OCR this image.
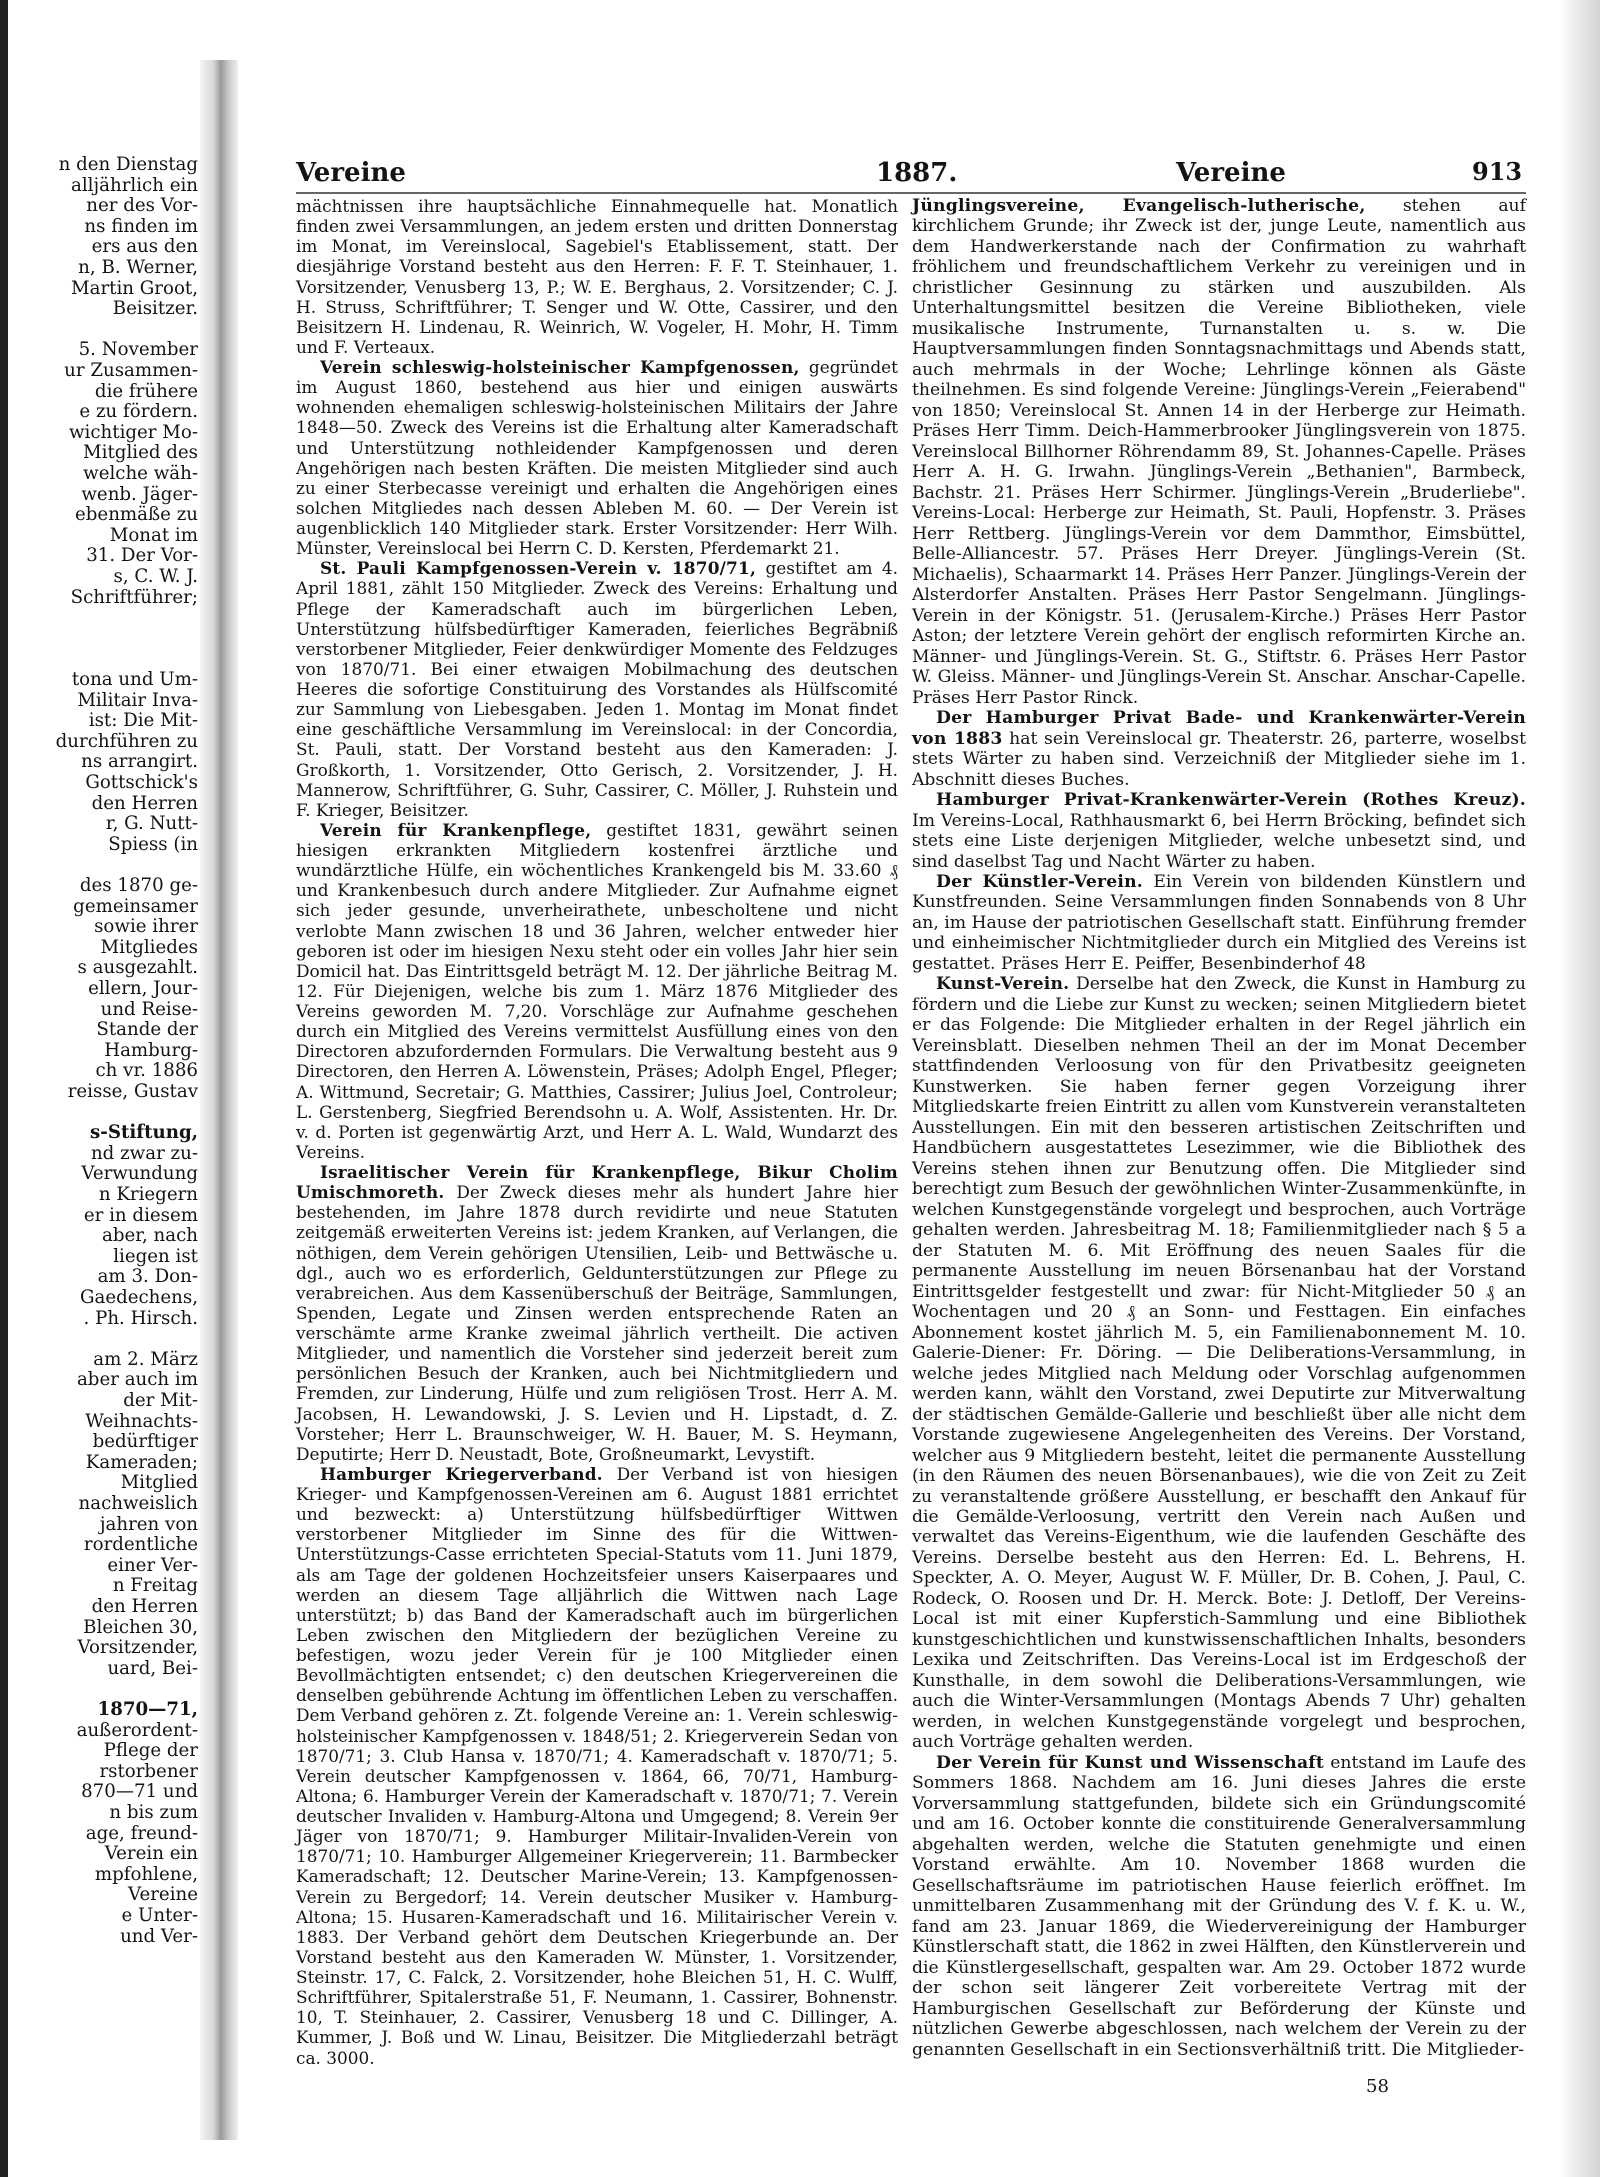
n den Dienstag
alljährlich ein
ner des Vor-
ns finden im
ers aus den
n, B. Werner,
Martin Groot,
Beisitzer.
5. November
ur Zusammen-
die frühere
e zu fördern.
wichtiger Mo-
Mitglied des
welche wäh-
wenb. Jäger-
ebenmäße zu
Monat im
31. Der Vor-
s, C. W. J.
Schriftführer;
tona und Um-
Militair Inva-
ist: Die Mit-
durchführen zu
ns arrangirt.
Gottschick's
den Herren
r, G. Nutt-
Spiess (in
des 1870 ge-
gemeinsamer
sowie ihrer
Mitgliedes
s ausgezahlt.
ellern, Jour-
und Reise-
Stande der
Hamburg-
ch vr. 1886
reisse, Gustav
s-Stiftung,
nd zwar zu-
Verwundung
n Kriegern
er in diesem
aber, nach
liegen ist
am 3. Don-
Gaedechens,
. Ph. Hirsch.
am 2. März
aber auch im
der Mit-
Weihnachts-
bedürftiger
Kameraden;
Mitglied
nachweislich
jahren von
rordentliche
einer Ver-
n Freitag
den Herren
Bleichen 30,
Vorsitzender,
uard, Bei-
1870—71,
außerordent-
Pflege der
rstorbener
870—71 und
n bis zum
age, freund-
Verein ein
mpfohlene,
Vereine
e Unter-
und Ver-
Vereine	1887.	Vereine	913

mächtnissen ihre hauptsächliche Einnahmequelle hat. Monatlich finden zwei Versammlungen, an jedem ersten und dritten Donnerstag im Monat, im Vereinslocal, Sagebiel's Etablissement, statt. Der diesjährige Vorstand besteht aus den Herren: F. F. T. Steinhauer, 1. Vorsitzender, Venusberg 13, P.; W. E. Berghaus, 2. Vorsitzender; C. J. H. Struss, Schriftführer; T. Senger und W. Otte, Cassirer, und den Beisitzern H. Lindenau, R. Weinrich, W. Vogeler, H. Mohr, H. Timm und F. Verteaux.

Verein schleswig-holsteinischer Kampfgenossen, gegründet im August 1860, bestehend aus hier und einigen auswärts wohnenden ehemaligen schleswig-holsteinischen Militairs der Jahre 1848—50. Zweck des Vereins ist die Erhaltung alter Kameradschaft und Unterstützung nothleidender Kampfgenossen und deren Angehörigen nach besten Kräften. Die meisten Mitglieder sind auch zu einer Sterbecasse vereinigt und erhalten die Angehörigen eines solchen Mitgliedes nach dessen Ableben M. 60. — Der Verein ist augenblicklich 140 Mitglieder stark. Erster Vorsitzender: Herr Wilh. Münster, Vereinslocal bei Herrn C. D. Kersten, Pferdemarkt 21.

St. Pauli Kampfgenossen-Verein v. 1870/71, gestiftet am 4. April 1881, zählt 150 Mitglieder. Zweck des Vereins: Erhaltung und Pflege der Kameradschaft auch im bürgerlichen Leben, Unterstützung hülfsbedürftiger Kameraden, feierliches Begräbniß verstorbener Mitglieder, Feier denkwürdiger Momente des Feldzuges von 1870/71. Bei einer etwaigen Mobilmachung des deutschen Heeres die sofortige Constituirung des Vorstandes als Hülfscomité zur Sammlung von Liebesgaben. Jeden 1. Montag im Monat findet eine geschäftliche Versammlung im Vereinslocal: in der Concordia, St. Pauli, statt. Der Vorstand besteht aus den Kameraden: J. Großkorth, 1. Vorsitzender, Otto Gerisch, 2. Vorsitzender, J. H. Mannerow, Schriftführer, G. Suhr, Cassirer, C. Möller, J. Ruhstein und F. Krieger, Beisitzer.

Verein für Krankenpflege, gestiftet 1831, gewährt seinen hiesigen erkrankten Mitgliedern kostenfrei ärztliche und wundärztliche Hülfe, ein wöchentliches Krankengeld bis M. 33.60 ₰ und Krankenbesuch durch andere Mitglieder. Zur Aufnahme eignet sich jeder gesunde, unverheirathete, unbescholtene und nicht verlobte Mann zwischen 18 und 36 Jahren, welcher entweder hier geboren ist oder im hiesigen Nexu steht oder ein volles Jahr hier sein Domicil hat. Das Eintrittsgeld beträgt M. 12. Der jährliche Beitrag M. 12. Für Diejenigen, welche bis zum 1. März 1876 Mitglieder des Vereins geworden M. 7,20. Vorschläge zur Aufnahme geschehen durch ein Mitglied des Vereins vermittelst Ausfüllung eines von den Directoren abzufordernden Formulars. Die Verwaltung besteht aus 9 Directoren, den Herren A. Löwenstein, Präses; Adolph Engel, Pfleger; A. Wittmund, Secretair; G. Matthies, Cassirer; Julius Joel, Controleur; L. Gerstenberg, Siegfried Berendsohn u. A. Wolf, Assistenten. Hr. Dr. v. d. Porten ist gegenwärtig Arzt, und Herr A. L. Wald, Wundarzt des Vereins.

Israelitischer Verein für Krankenpflege, Bikur Cholim Umischmoreth. Der Zweck dieses mehr als hundert Jahre hier bestehenden, im Jahre 1878 durch revidirte und neue Statuten zeitgemäß erweiterten Vereins ist: jedem Kranken, auf Verlangen, die nöthigen, dem Verein gehörigen Utensilien, Leib- und Bettwäsche u. dgl., auch wo es erforderlich, Geldunterstützungen zur Pflege zu verabreichen. Aus dem Kassenüberschuß der Beiträge, Sammlungen, Spenden, Legate und Zinsen werden entsprechende Raten an verschämte arme Kranke zweimal jährlich vertheilt. Die activen Mitglieder, und namentlich die Vorsteher sind jederzeit bereit zum persönlichen Besuch der Kranken, auch bei Nichtmitgliedern und Fremden, zur Linderung, Hülfe und zum religiösen Trost. Herr A. M. Jacobsen, H. Lewandowski, J. S. Levien und H. Lipstadt, d. Z. Vorsteher; Herr L. Braunschweiger, W. H. Bauer, M. S. Heymann, Deputirte; Herr D. Neustadt, Bote, Großneumarkt, Levystift.

Hamburger Kriegerverband. Der Verband ist von hiesigen Krieger- und Kampfgenossen-Vereinen am 6. August 1881 errichtet und bezweckt: a) Unterstützung hülfsbedürftiger Wittwen verstorbener Mitglieder im Sinne des für die Wittwen-Unterstützungs-Casse errichteten Special-Statuts vom 11. Juni 1879, als am Tage der goldenen Hochzeitsfeier unsers Kaiserpaares und werden an diesem Tage alljährlich die Wittwen nach Lage unterstützt; b) das Band der Kameradschaft auch im bürgerlichen Leben zwischen den Mitgliedern der bezüglichen Vereine zu befestigen, wozu jeder Verein für je 100 Mitglieder einen Bevollmächtigten entsendet; c) den deutschen Kriegervereinen die denselben gebührende Achtung im öffentlichen Leben zu verschaffen. Dem Verband gehören z. Zt. folgende Vereine an: 1. Verein schleswig-holsteinischer Kampfgenossen v. 1848/51; 2. Kriegerverein Sedan von 1870/71; 3. Club Hansa v. 1870/71; 4. Kameradschaft v. 1870/71; 5. Verein deutscher Kampfgenossen v. 1864, 66, 70/71, Hamburg-Altona; 6. Hamburger Verein der Kameradschaft v. 1870/71; 7. Verein deutscher Invaliden v. Hamburg-Altona und Umgegend; 8. Verein 9er Jäger von 1870/71; 9. Hamburger Militair-Invaliden-Verein von 1870/71; 10. Hamburger Allgemeiner Kriegerverein; 11. Barmbecker Kameradschaft; 12. Deutscher Marine-Verein; 13. Kampfgenossen-Verein zu Bergedorf; 14. Verein deutscher Musiker v. Hamburg-Altona; 15. Husaren-Kameradschaft und 16. Militairischer Verein v. 1883. Der Verband gehört dem Deutschen Kriegerbunde an. Der Vorstand besteht aus den Kameraden W. Münster, 1. Vorsitzender, Steinstr. 17, C. Falck, 2. Vorsitzender, hohe Bleichen 51, H. C. Wulff, Schriftführer, Spitalerstraße 51, F. Neumann, 1. Cassirer, Bohnenstr. 10, T. Steinhauer, 2. Cassirer, Venusberg 18 und C. Dillinger, A. Kummer, J. Boß und W. Linau, Beisitzer. Die Mitgliederzahl beträgt ca. 3000.

Jünglingsvereine, Evangelisch-lutherische, stehen auf kirchlichem Grunde; ihr Zweck ist der, junge Leute, namentlich aus dem Handwerkerstande nach der Confirmation zu wahrhaft fröhlichem und freundschaftlichem Verkehr zu vereinigen und in christlicher Gesinnung zu stärken und auszubilden. Als Unterhaltungsmittel besitzen die Vereine Bibliotheken, viele musikalische Instrumente, Turnanstalten u. s. w. Die Hauptversammlungen finden Sonntagsnachmittags und Abends statt, auch mehrmals in der Woche; Lehrlinge können als Gäste theilnehmen. Es sind folgende Vereine: Jünglings-Verein „Feierabend" von 1850; Vereinslocal St. Annen 14 in der Herberge zur Heimath. Präses Herr Timm. Deich-Hammerbrooker Jünglingsverein von 1875. Vereinslocal Billhorner Röhrendamm 89, St. Johannes-Capelle. Präses Herr A. H. G. Irwahn. Jünglings-Verein „Bethanien", Barmbeck, Bachstr. 21. Präses Herr Schirmer. Jünglings-Verein „Bruderliebe". Vereins-Local: Herberge zur Heimath, St. Pauli, Hopfenstr. 3. Präses Herr Rettberg. Jünglings-Verein vor dem Dammthor, Eimsbüttel, Belle-Alliancestr. 57. Präses Herr Dreyer. Jünglings-Verein (St. Michaelis), Schaarmarkt 14. Präses Herr Panzer. Jünglings-Verein der Alsterdorfer Anstalten. Präses Herr Pastor Sengelmann. Jünglings-Verein in der Königstr. 51. (Jerusalem-Kirche.) Präses Herr Pastor Aston; der letztere Verein gehört der englisch reformirten Kirche an. Männer- und Jünglings-Verein. St. G., Stiftstr. 6. Präses Herr Pastor W. Gleiss. Männer- und Jünglings-Verein St. Anschar. Anschar-Capelle. Präses Herr Pastor Rinck.

Der Hamburger Privat Bade- und Krankenwärter-Verein von 1883 hat sein Vereinslocal gr. Theaterstr. 26, parterre, woselbst stets Wärter zu haben sind. Verzeichniß der Mitglieder siehe im 1. Abschnitt dieses Buches.

Hamburger Privat-Krankenwärter-Verein (Rothes Kreuz). Im Vereins-Local, Rathhausmarkt 6, bei Herrn Bröcking, befindet sich stets eine Liste derjenigen Mitglieder, welche unbesetzt sind, und sind daselbst Tag und Nacht Wärter zu haben.

Der Künstler-Verein. Ein Verein von bildenden Künstlern und Kunstfreunden. Seine Versammlungen finden Sonnabends von 8 Uhr an, im Hause der patriotischen Gesellschaft statt. Einführung fremder und einheimischer Nichtmitglieder durch ein Mitglied des Vereins ist gestattet. Präses Herr E. Peiffer, Besenbinderhof 48

Kunst-Verein. Derselbe hat den Zweck, die Kunst in Hamburg zu fördern und die Liebe zur Kunst zu wecken; seinen Mitgliedern bietet er das Folgende: Die Mitglieder erhalten in der Regel jährlich ein Vereinsblatt. Dieselben nehmen Theil an der im Monat December stattfindenden Verloosung von für den Privatbesitz geeigneten Kunstwerken. Sie haben ferner gegen Vorzeigung ihrer Mitgliedskarte freien Eintritt zu allen vom Kunstverein veranstalteten Ausstellungen. Ein mit den besseren artistischen Zeitschriften und Handbüchern ausgestattetes Lesezimmer, wie die Bibliothek des Vereins stehen ihnen zur Benutzung offen. Die Mitglieder sind berechtigt zum Besuch der gewöhnlichen Winter-Zusammenkünfte, in welchen Kunstgegenstände vorgelegt und besprochen, auch Vorträge gehalten werden. Jahresbeitrag M. 18; Familienmitglieder nach § 5 a der Statuten M. 6. Mit Eröffnung des neuen Saales für die permanente Ausstellung im neuen Börsenanbau hat der Vorstand Eintrittsgelder festgestellt und zwar: für Nicht-Mitglieder 50 ₰ an Wochentagen und 20 ₰ an Sonn- und Festtagen. Ein einfaches Abonnement kostet jährlich M. 5, ein Familienabonnement M. 10. Galerie-Diener: Fr. Döring. — Die Deliberations-Versammlung, in welche jedes Mitglied nach Meldung oder Vorschlag aufgenommen werden kann, wählt den Vorstand, zwei Deputirte zur Mitverwaltung der städtischen Gemälde-Gallerie und beschließt über alle nicht dem Vorstande zugewiesene Angelegenheiten des Vereins. Der Vorstand, welcher aus 9 Mitgliedern besteht, leitet die permanente Ausstellung (in den Räumen des neuen Börsenanbaues), wie die von Zeit zu Zeit zu veranstaltende größere Ausstellung, er beschafft den Ankauf für die Gemälde-Verloosung, vertritt den Verein nach Außen und verwaltet das Vereins-Eigenthum, wie die laufenden Geschäfte des Vereins. Derselbe besteht aus den Herren: Ed. L. Behrens, H. Speckter, A. O. Meyer, August W. F. Müller, Dr. B. Cohen, J. Paul, C. Rodeck, O. Roosen und Dr. H. Merck. Bote: J. Detloff, Der Vereins-Local ist mit einer Kupferstich-Sammlung und eine Bibliothek kunstgeschichtlichen und kunstwissenschaftlichen Inhalts, besonders Lexika und Zeitschriften. Das Vereins-Local ist im Erdgeschoß der Kunsthalle, in dem sowohl die Deliberations-Versammlungen, wie auch die Winter-Versammlungen (Montags Abends 7 Uhr) gehalten werden, in welchen Kunstgegenstände vorgelegt und besprochen, auch Vorträge gehalten werden.

Der Verein für Kunst und Wissenschaft entstand im Laufe des Sommers 1868. Nachdem am 16. Juni dieses Jahres die erste Vorversammlung stattgefunden, bildete sich ein Gründungscomité und am 16. October konnte die constituirende Generalversammlung abgehalten werden, welche die Statuten genehmigte und einen Vorstand erwählte. Am 10. November 1868 wurden die Gesellschaftsräume im patriotischen Hause feierlich eröffnet. Im unmittelbaren Zusammenhang mit der Gründung des V. f. K. u. W., fand am 23. Januar 1869, die Wiedervereinigung der Hamburger Künstlerschaft statt, die 1862 in zwei Hälften, den Künstlerverein und die Künstlergesellschaft, gespalten war. Am 29. October 1872 wurde der schon seit längerer Zeit vorbereitete Vertrag mit der Hamburgischen Gesellschaft zur Beförderung der Künste und nützlichen Gewerbe abgeschlossen, nach welchem der Verein zu der genannten Gesellschaft in ein Sectionsverhältniß tritt. Die Mitglieder-

58
